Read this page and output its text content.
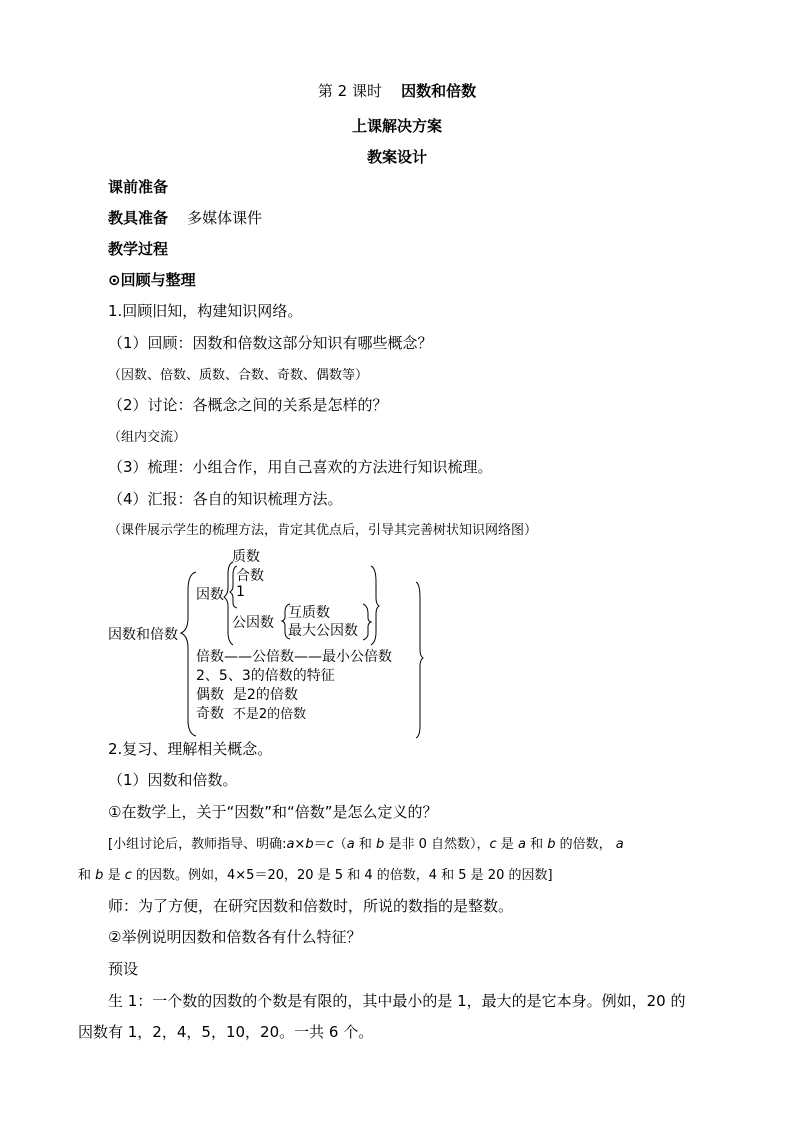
第 2 课时 因数和倍数
上课解决方案
教案设计
课前准备
教具准备 多媒体课件
教学过程
⊙回顾与整理
1.回顾旧知，构建知识网络。
（1）回顾：因数和倍数这部分知识有哪些概念？
（因数、倍数、质数、合数、奇数、偶数等）
（2）讨论：各概念之间的关系是怎样的？
（组内交流）
（3）梳理：小组合作，用自己喜欢的方法进行知识梳理。
（4）汇报：各自的知识梳理方法。
（课件展示学生的梳理方法，肯定其优点后，引导其完善树状知识网络图）
因数和倍数
因数
质数
合数
1
公因数
互质数
最大公因数
倍数——公倍数——最小公倍数
2、5、3的倍数的特征
偶数 是2的倍数
奇数 不是2的倍数
2.复习、理解相关概念。
（1）因数和倍数。
①在数学上，关于“因数”和“倍数”是怎么定义的？
[小组讨论后，教师指导、明确:a×b＝c（a 和 b 是非 0 自然数），c 是 a 和 b 的倍数， a
和 b 是 c 的因数。例如，4×5＝20，20 是 5 和 4 的倍数，4 和 5 是 20 的因数]
师：为了方便，在研究因数和倍数时，所说的数指的是整数。
②举例说明因数和倍数各有什么特征？
预设
生 1：一个数的因数的个数是有限的，其中最小的是 1，最大的是它本身。例如，20 的
因数有 1，2，4，5，10，20。一共 6 个。
